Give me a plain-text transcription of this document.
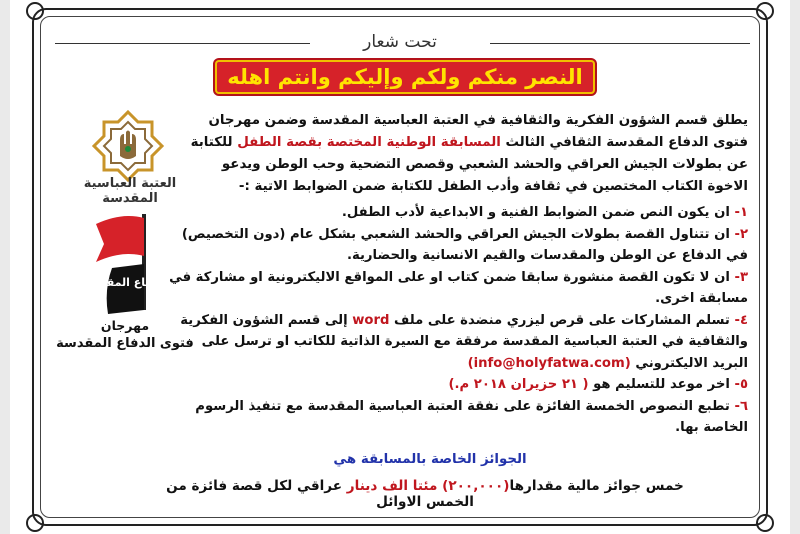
تحت شعار
النصر منكم ولكم وإليكم وانتم اهله
العتبة العباسية المقدسة
الدفاع المقدس
مهرجان
فتوى الدفاع المقدسة
يطلق قسم الشؤون الفكرية والثقافية في العتبة العباسية المقدسة وضمن مهرجان فتوى الدفاع المقدسة الثقافي الثالث المسابقة الوطنية المختصة بقصة الطفل للكتابة عن بطولات الجيش العراقي والحشد الشعبي وقصص التضحية وحب الوطن ويدعو الاخوة الكتاب المختصين في ثقافة وأدب الطفل للكتابة ضمن الضوابط الاتية :-
١- ان يكون النص ضمن الضوابط الفنية و الابداعية لأدب الطفل.
٢- ان تتناول القصة بطولات الجيش العراقي والحشد الشعبي بشكل عام (دون التخصيص) في الدفاع عن الوطن والمقدسات والقيم الانسانية والحضارية.
٣- ان لا تكون القصة منشورة سابقا ضمن كتاب او على المواقع الاليكترونية او مشاركة في مسابقة اخرى.
٤- تسلم المشاركات على قرص ليزري منضدة على ملف word إلى قسم الشؤون الفكرية والثقافية في العتبة العباسية المقدسة مرفقة مع السيرة الذاتية للكاتب او ترسل على البريد الاليكتروني (info@holyfatwa.com)
٥- اخر موعد للتسليم هو ( ٢١ حزيران ٢٠١٨ م.)
٦- تطبع النصوص الخمسة الفائزة على نفقة العتبة العباسية المقدسة مع تنفيذ الرسوم الخاصة بها.
الجوائز الخاصة بالمسابقة هي
خمس جوائز مالية مقدارها(٢٠٠,٠٠٠) مئتا الف دينار عراقي لكل قصة فائزة من الخمس الاوائل
